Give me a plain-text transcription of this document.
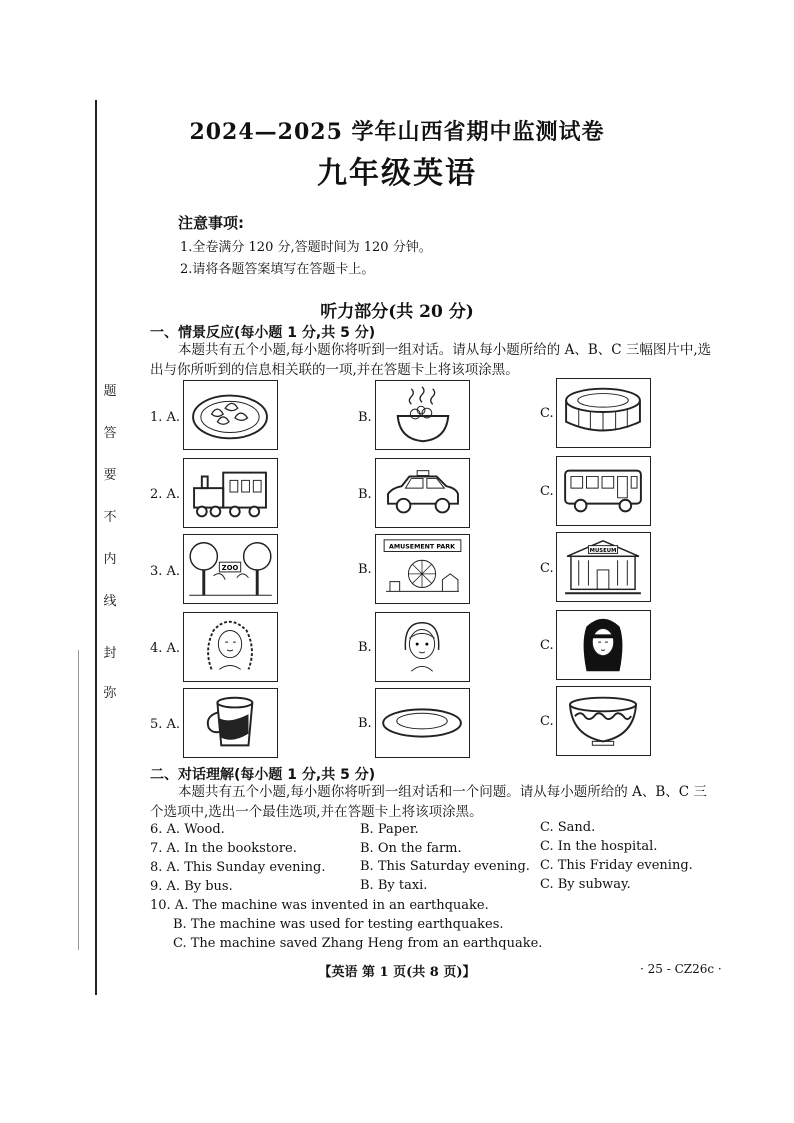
题
答
要
不
内
线
封
弥
2024—2025 学年山西省期中监测试卷
九年级英语
注意事项:
1.全卷满分 120 分,答题时间为 120 分钟。
2.请将各题答案填写在答题卡上。
听力部分(共 20 分)
一、情景反应(每小题 1 分,共 5 分)
本题共有五个小题,每小题你将听到一组对话。请从每小题所给的 A、B、C 三幅图片中,选出与你所听到的信息相关联的一项,并在答题卡上将该项涂黑。
1. A.	B.	C.
2. A.	B.	C.
3. A.	B.	C.
4. A.	B.	C.
5. A.	B.	C.
ZOO
AMUSEMENT PARK
MUSEUM
二、对话理解(每小题 1 分,共 5 分)
本题共有五个小题,每小题你将听到一组对话和一个问题。请从每小题所给的 A、B、C 三个选项中,选出一个最佳选项,并在答题卡上将该项涂黑。
6. A. Wood.	B. Paper.	C. Sand.
7. A. In the bookstore.	B. On the farm.	C. In the hospital.
8. A. This Sunday evening.	B. This Saturday evening. C. This Friday evening.
9. A. By bus.	B. By taxi.	C. By subway.
10. A. The machine was invented in an earthquake.
B. The machine was used for testing earthquakes.
C. The machine saved Zhang Heng from an earthquake.
【英语 第 1 页(共 8 页)】	· 25 - CZ26c ·
